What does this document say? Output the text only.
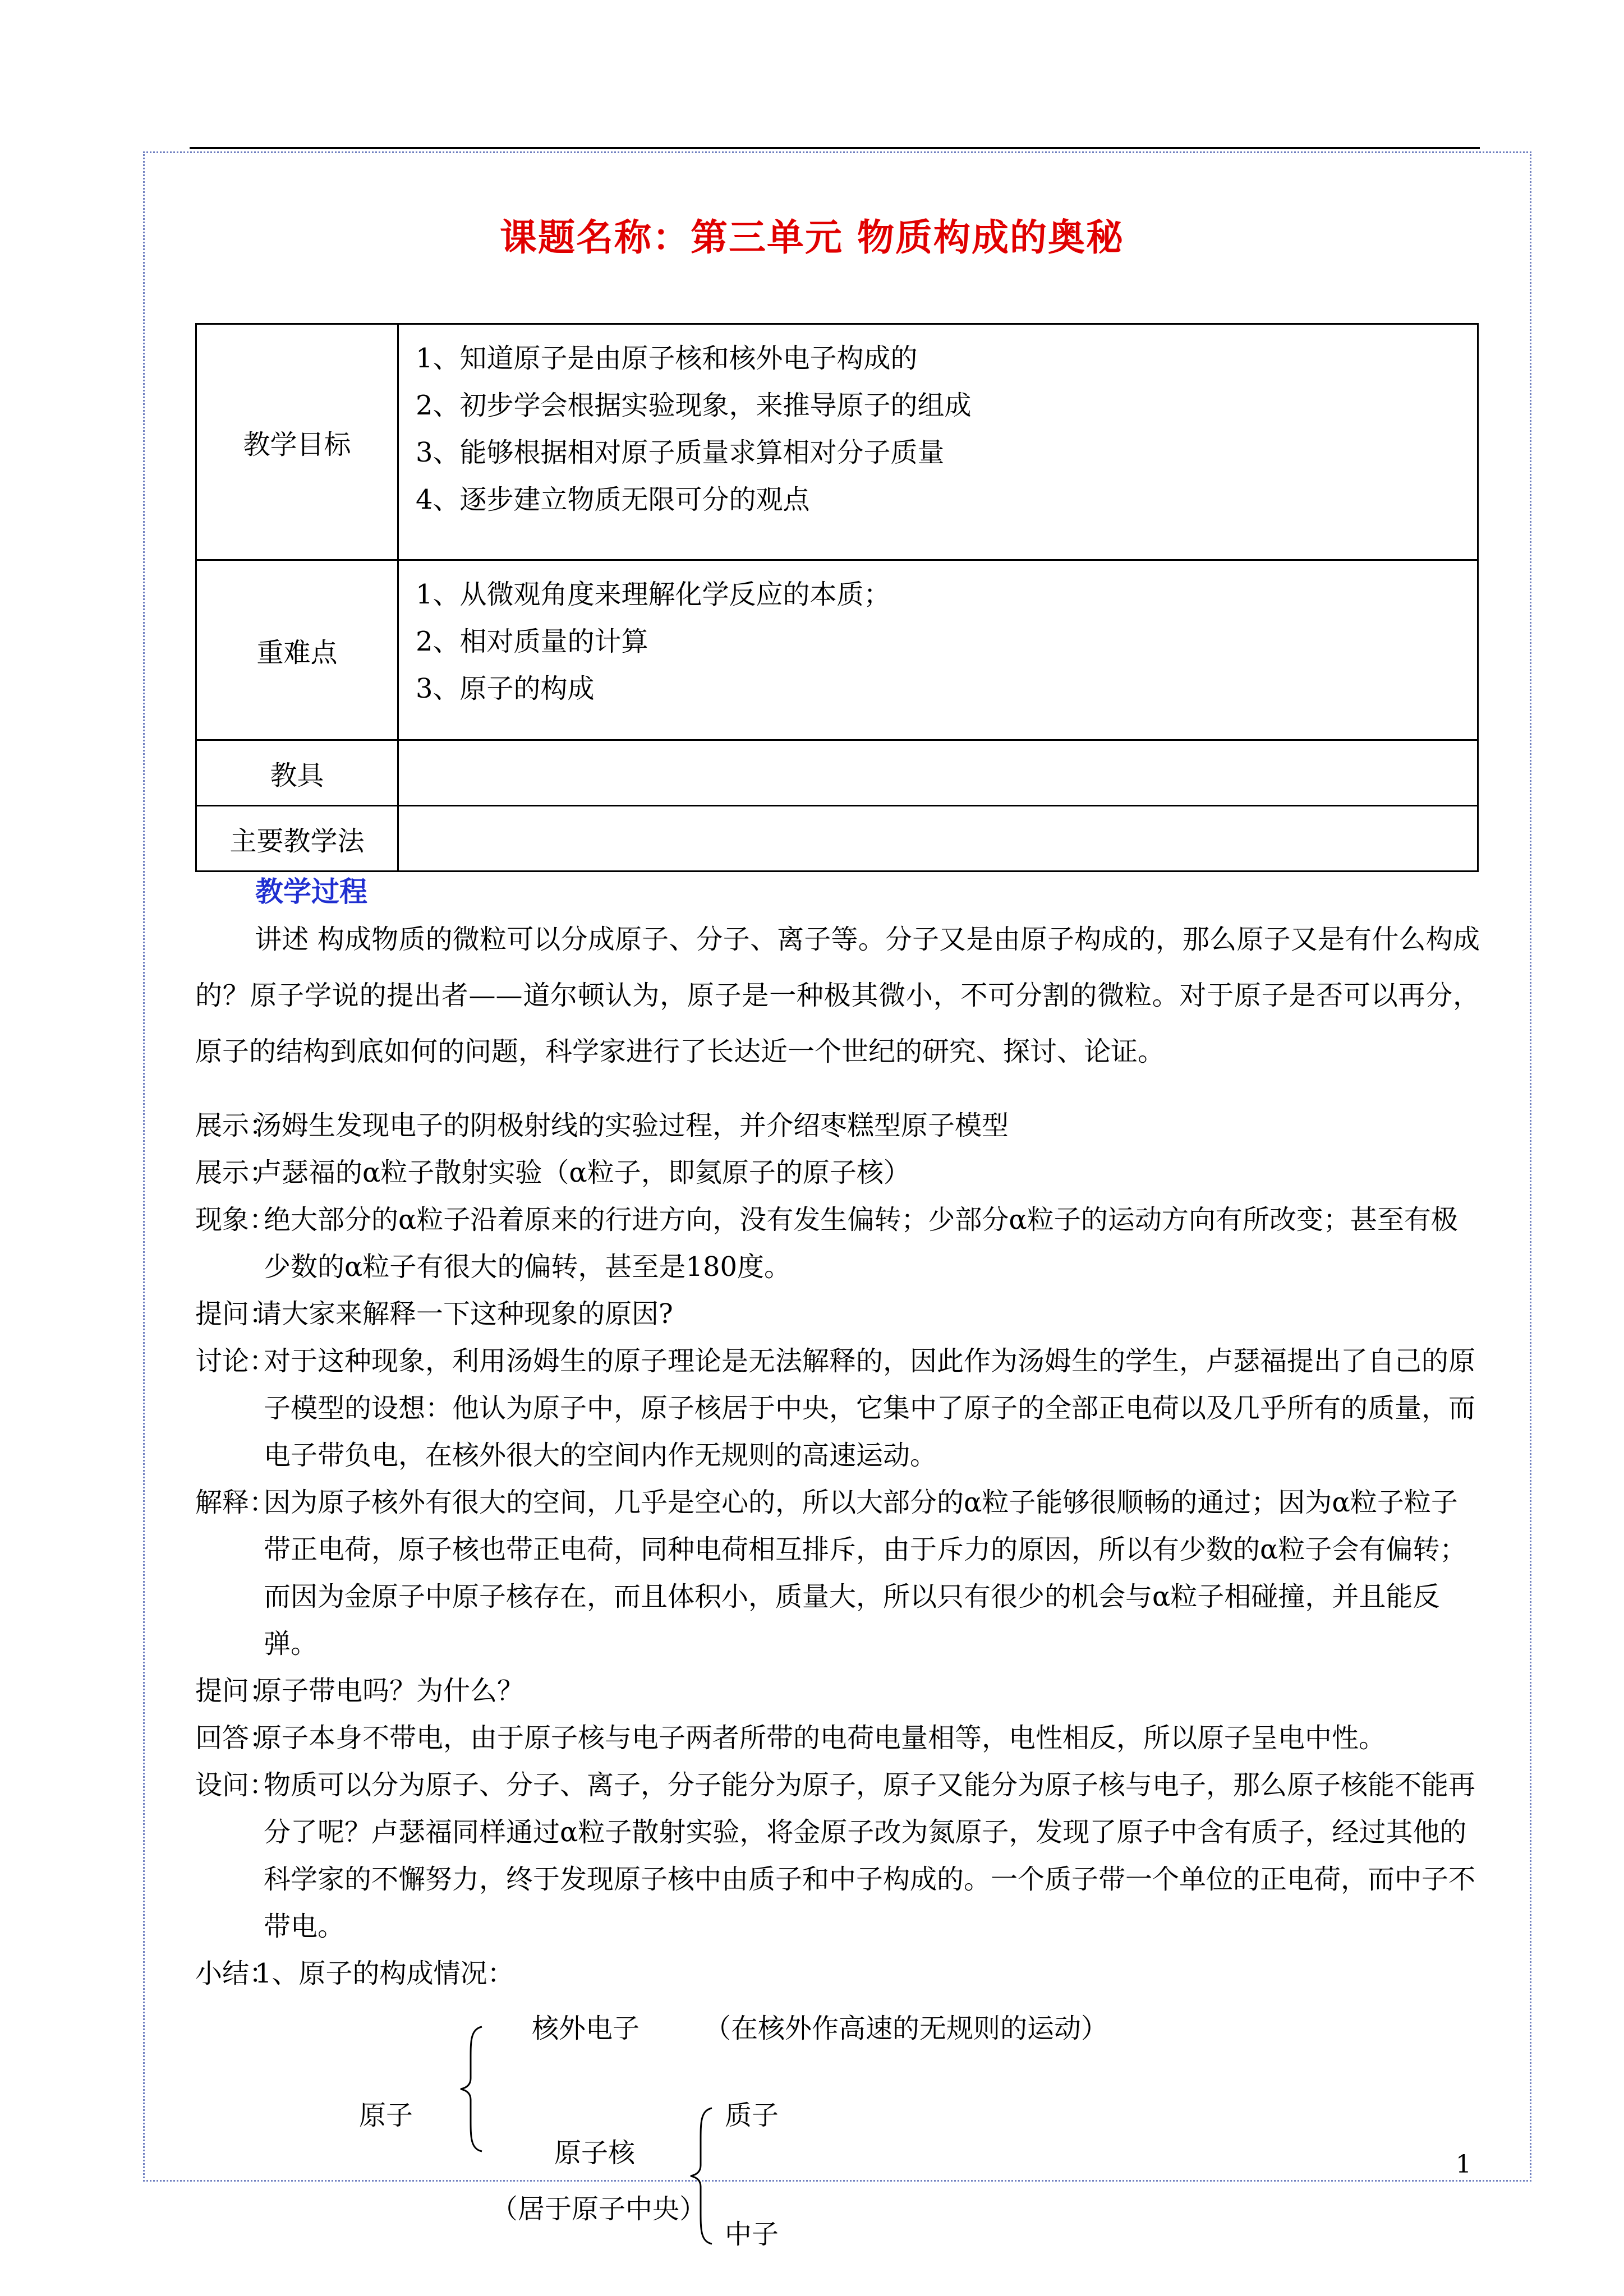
课题名称：第三单元 物质构成的奥秘
教学目标	1、知道原子是由原子核和核外电子构成的
2、初步学会根据实验现象，来推导原子的组成
3、能够根据相对原子质量求算相对分子质量
4、逐步建立物质无限可分的观点

重难点	1、从微观角度来理解化学反应的本质；
2、相对质量的计算
3、原子的构成

教具	
主要教学法	
教学过程

讲述 构成物质的微粒可以分成原子、分子、离子等。分子又是由原子构成的，那么原子又是有什么构成的？原子学说的提出者——道尔顿认为，原子是一种极其微小，不可分割的微粒。对于原子是否可以再分，原子的结构到底如何的问题，科学家进行了长达近一个世纪的研究、探讨、论证。

展示：
汤姆生发现电子的阴极射线的实验过程，并介绍枣糕型原子模型
展示：
卢瑟福的α粒子散射实验（α粒子，即氦原子的原子核）
现象：
绝大部分的α粒子沿着原来的行进方向，没有发生偏转；少部分α粒子的运动方向有所改变；甚至有极少数的α粒子有很大的偏转，甚至是180度。
提问：
请大家来解释一下这种现象的原因?
讨论：
对于这种现象，利用汤姆生的原子理论是无法解释的，因此作为汤姆生的学生，卢瑟福提出了自己的原子模型的设想：他认为原子中，原子核居于中央，它集中了原子的全部正电荷以及几乎所有的质量，而电子带负电，在核外很大的空间内作无规则的高速运动。
解释：
因为原子核外有很大的空间，几乎是空心的，所以大部分的α粒子能够很顺畅的通过；因为α粒子粒子带正电荷，原子核也带正电荷，同种电荷相互排斥，由于斥力的原因，所以有少数的α粒子会有偏转；而因为金原子中原子核存在，而且体积小，质量大，所以只有很少的机会与α粒子相碰撞，并且能反弹。
提问：
原子带电吗？为什么？
回答：
原子本身不带电，由于原子核与电子两者所带的电荷电量相等，电性相反，所以原子呈电中性。
设问：
物质可以分为原子、分子、离子，分子能分为原子，原子又能分为原子核与电子，那么原子核能不能再分了呢？卢瑟福同样通过α粒子散射实验，将金原子改为氮原子，发现了原子中含有质子，经过其他的科学家的不懈努力，终于发现原子核中由质子和中子构成的。一个质子带一个单位的正电荷，而中子不带电。
小结：
1、原子的构成情况：
原子
核外电子 （在核外作高速的无规则的运动）
原子核
（居于原子中央）
质子
中子
1
